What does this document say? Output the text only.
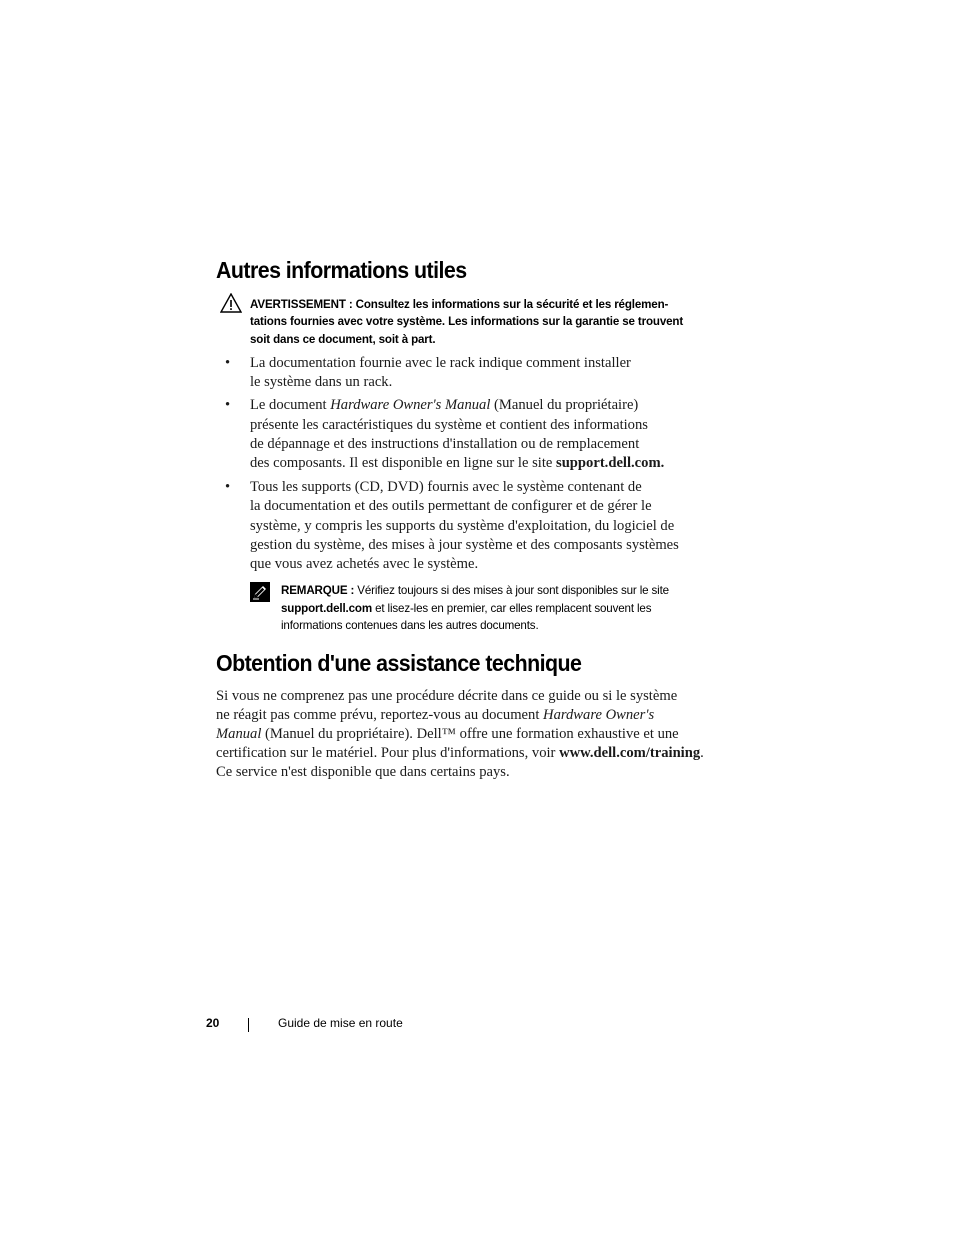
Autres informations utiles
AVERTISSEMENT : Consultez les informations sur la sécurité et les réglemen-
tations fournies avec votre système. Les informations sur la garantie se trouvent
soit dans ce document, soit à part.
• La documentation fournie avec le rack indique comment installer
le système dans un rack.
• Le document Hardware Owner's Manual (Manuel du propriétaire)
présente les caractéristiques du système et contient des informations
de dépannage et des instructions d'installation ou de remplacement
des composants. Il est disponible en ligne sur le site support.dell.com.
• Tous les supports (CD, DVD) fournis avec le système contenant de
la documentation et des outils permettant de configurer et de gérer le
système, y compris les supports du système d'exploitation, du logiciel de
gestion du système, des mises à jour système et des composants systèmes
que vous avez achetés avec le système.
REMARQUE : Vérifiez toujours si des mises à jour sont disponibles sur le site
support.dell.com et lisez-les en premier, car elles remplacent souvent les
informations contenues dans les autres documents.
Obtention d'une assistance technique
Si vous ne comprenez pas une procédure décrite dans ce guide ou si le système
ne réagit pas comme prévu, reportez-vous au document Hardware Owner's
Manual (Manuel du propriétaire). Dell™ offre une formation exhaustive et une
certification sur le matériel. Pour plus d'informations, voir www.dell.com/training.
Ce service n'est disponible que dans certains pays.
20	Guide de mise en route
